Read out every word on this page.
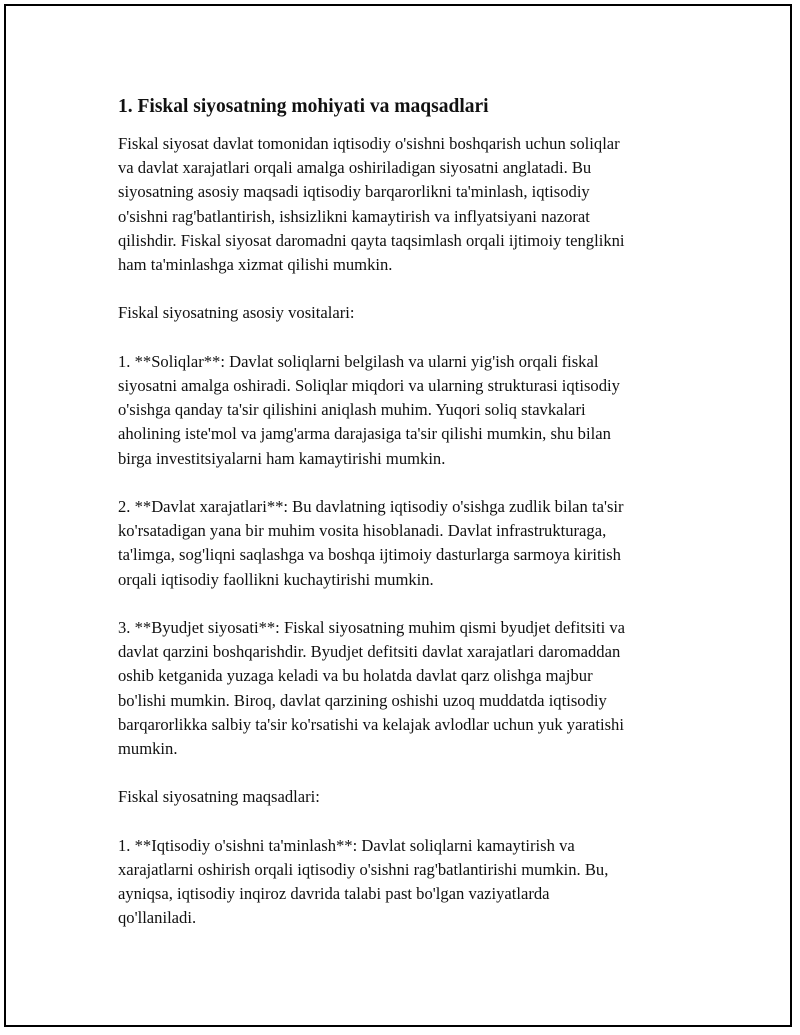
1. Fiskal siyosatning mohiyati va maqsadlari

Fiskal siyosat davlat tomonidan iqtisodiy o'sishni boshqarish uchun soliqlar
va davlat xarajatlari orqali amalga oshiriladigan siyosatni anglatadi. Bu
siyosatning asosiy maqsadi iqtisodiy barqarorlikni ta'minlash, iqtisodiy
o'sishni rag'batlantirish, ishsizlikni kamaytirish va inflyatsiyani nazorat
qilishdir. Fiskal siyosat daromadni qayta taqsimlash orqali ijtimoiy tenglikni
ham ta'minlashga xizmat qilishi mumkin.

Fiskal siyosatning asosiy vositalari:

1. **Soliqlar**: Davlat soliqlarni belgilash va ularni yig'ish orqali fiskal
siyosatni amalga oshiradi. Soliqlar miqdori va ularning strukturasi iqtisodiy
o'sishga qanday ta'sir qilishini aniqlash muhim. Yuqori soliq stavkalari
aholining iste'mol va jamg'arma darajasiga ta'sir qilishi mumkin, shu bilan
birga investitsiyalarni ham kamaytirishi mumkin.

2. **Davlat xarajatlari**: Bu davlatning iqtisodiy o'sishga zudlik bilan ta'sir
ko'rsatadigan yana bir muhim vosita hisoblanadi. Davlat infrastrukturaga,
ta'limga, sog'liqni saqlashga va boshqa ijtimoiy dasturlarga sarmoya kiritish
orqali iqtisodiy faollikni kuchaytirishi mumkin.

3. **Byudjet siyosati**: Fiskal siyosatning muhim qismi byudjet defitsiti va
davlat qarzini boshqarishdir. Byudjet defitsiti davlat xarajatlari daromaddan
oshib ketganida yuzaga keladi va bu holatda davlat qarz olishga majbur
bo'lishi mumkin. Biroq, davlat qarzining oshishi uzoq muddatda iqtisodiy
barqarorlikka salbiy ta'sir ko'rsatishi va kelajak avlodlar uchun yuk yaratishi
mumkin.

Fiskal siyosatning maqsadlari:

1. **Iqtisodiy o'sishni ta'minlash**: Davlat soliqlarni kamaytirish va
xarajatlarni oshirish orqali iqtisodiy o'sishni rag'batlantirishi mumkin. Bu,
ayniqsa, iqtisodiy inqiroz davrida talabi past bo'lgan vaziyatlarda
qo'llaniladi.
